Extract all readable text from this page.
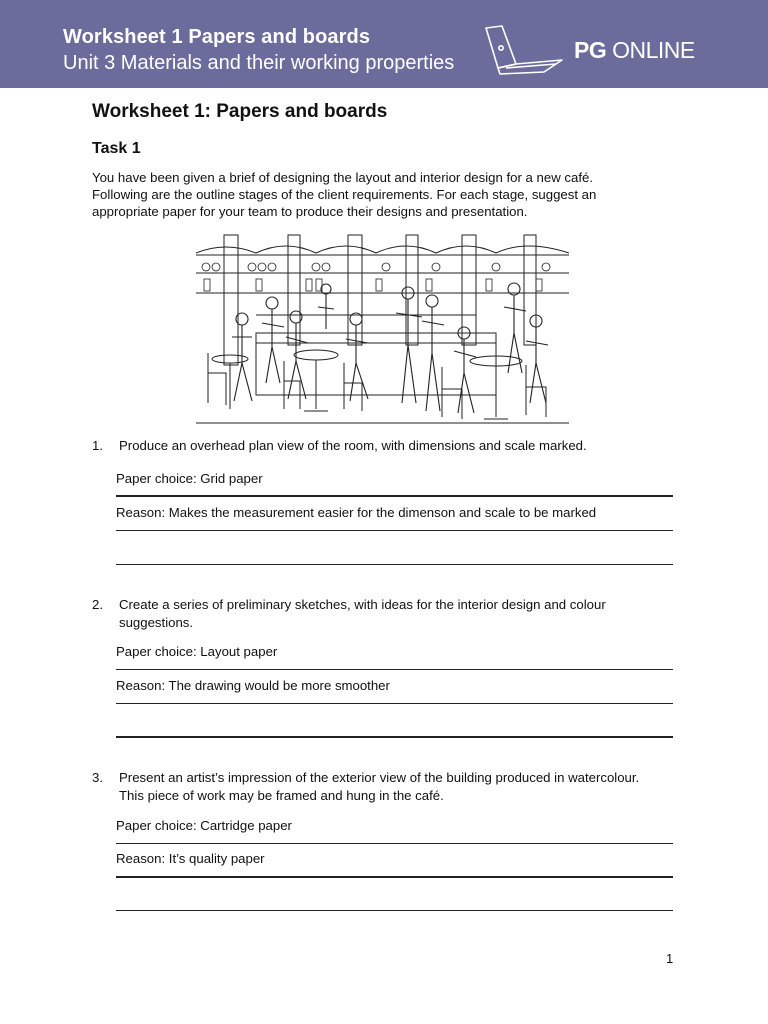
Worksheet 1 Papers and boards
Unit 3 Materials and their working properties	PG ONLINE
Worksheet 1: Papers and boards
Task 1
You have been given a brief of designing the layout and interior design for a new café. Following are the outline stages of the client requirements. For each stage, suggest an appropriate paper for your team to produce their designs and presentation.
1. Produce an overhead plan view of the room, with dimensions and scale marked.
Paper choice: Grid paper
Reason: Makes the measurement easier for the dimenson and scale to be marked
2. Create a series of preliminary sketches, with ideas for the interior design and colour suggestions.
Paper choice: Layout paper
Reason: The drawing would be more smoother
3. Present an artist’s impression of the exterior view of the building produced in watercolour. This piece of work may be framed and hung in the café.
Paper choice: Cartridge paper
Reason: It’s quality paper
1
